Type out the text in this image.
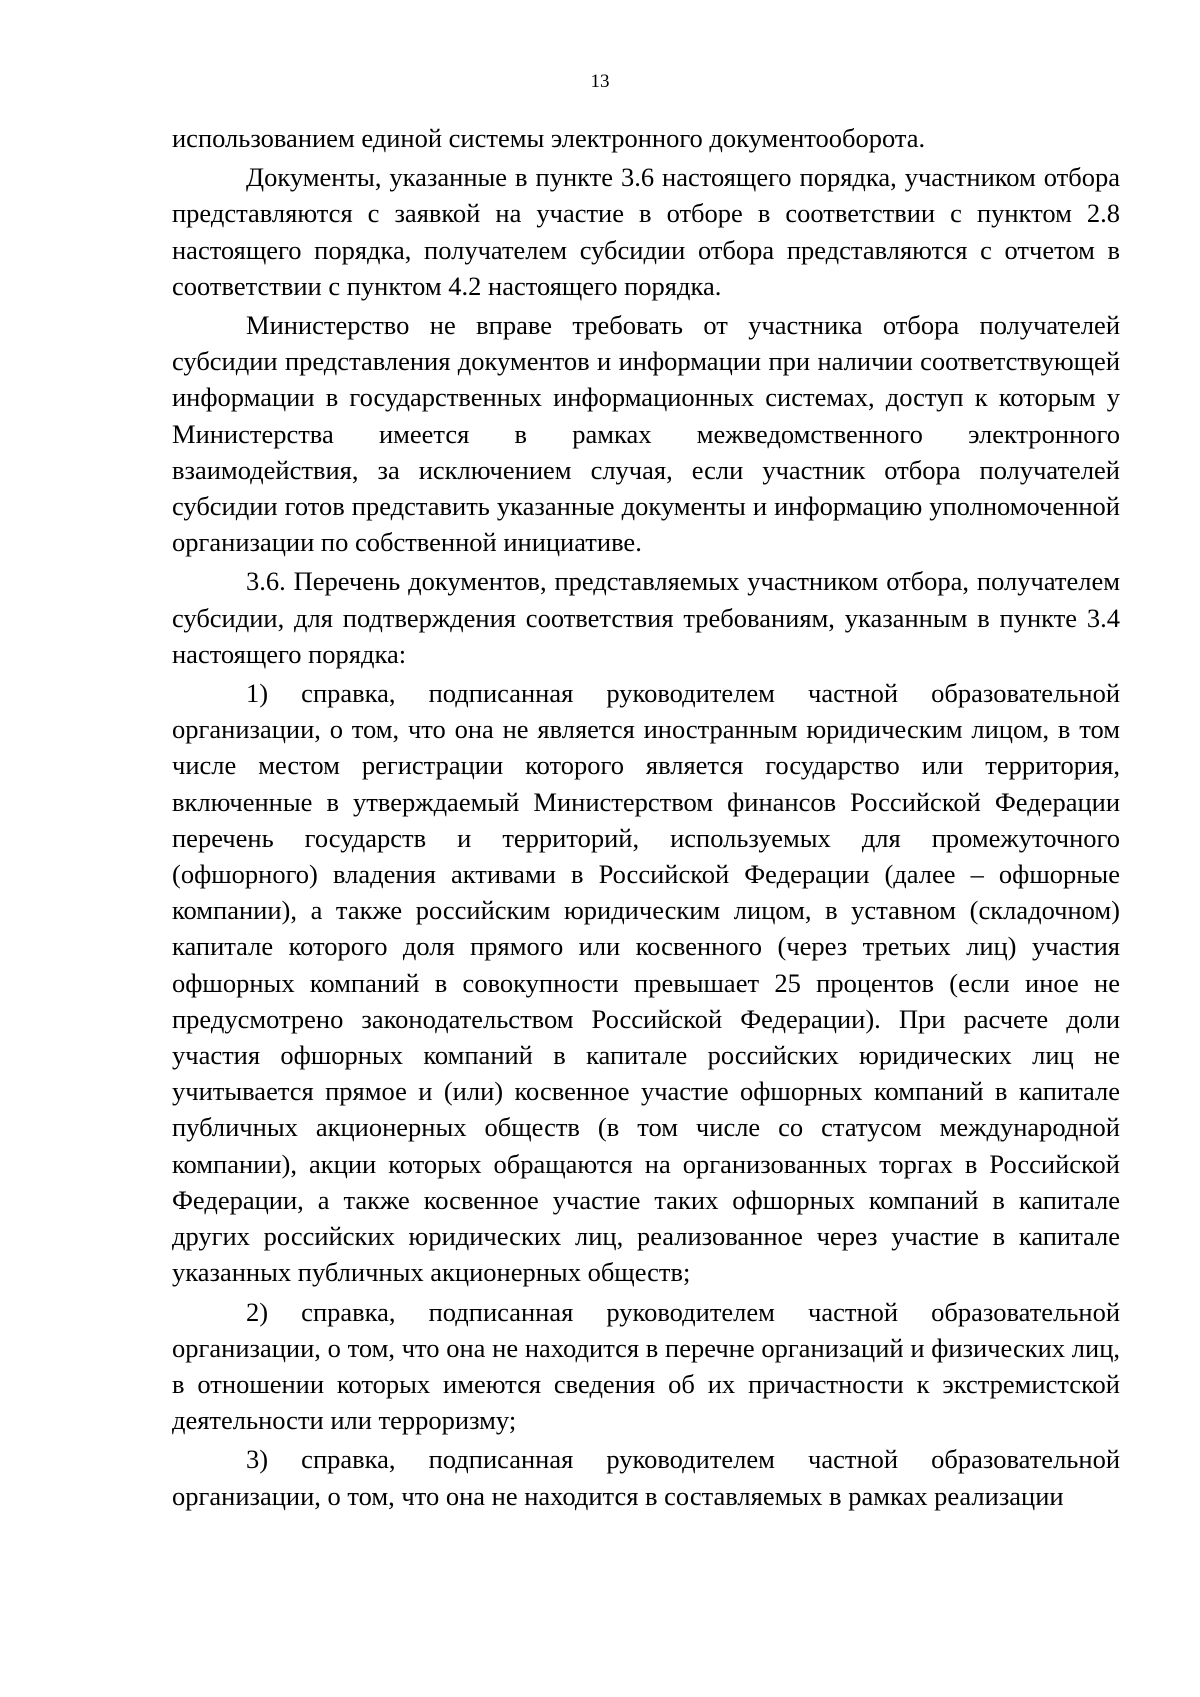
13

использованием единой системы электронного документооборота.

Документы, указанные в пункте 3.6 настоящего порядка, участником отбора представляются с заявкой на участие в отборе в соответствии с пунктом 2.8 настоящего порядка, получателем субсидии отбора представляются с отчетом в соответствии с пунктом 4.2 настоящего порядка.

Министерство не вправе требовать от участника отбора получателей субсидии представления документов и информации при наличии соответствующей информации в государственных информационных системах, доступ к которым у Министерства имеется в рамках межведомственного электронного взаимодействия, за исключением случая, если участник отбора получателей субсидии готов представить указанные документы и информацию уполномоченной организации по собственной инициативе.

3.6. Перечень документов, представляемых участником отбора, получателем субсидии, для подтверждения соответствия требованиям, указанным в пункте 3.4 настоящего порядка:

1) справка, подписанная руководителем частной образовательной организации, о том, что она не является иностранным юридическим лицом, в том числе местом регистрации которого является государство или территория, включенные в утверждаемый Министерством финансов Российской Федерации перечень государств и территорий, используемых для промежуточного (офшорного) владения активами в Российской Федерации (далее – офшорные компании), а также российским юридическим лицом, в уставном (складочном) капитале которого доля прямого или косвенного (через третьих лиц) участия офшорных компаний в совокупности превышает 25 процентов (если иное не предусмотрено законодательством Российской Федерации). При расчете доли участия офшорных компаний в капитале российских юридических лиц не учитывается прямое и (или) косвенное участие офшорных компаний в капитале публичных акционерных обществ (в том числе со статусом международной компании), акции которых обращаются на организованных торгах в Российской Федерации, а также косвенное участие таких офшорных компаний в капитале других российских юридических лиц, реализованное через участие в капитале указанных публичных акционерных обществ;

2) справка, подписанная руководителем частной образовательной организации, о том, что она не находится в перечне организаций и физических лиц, в отношении которых имеются сведения об их причастности к экстремистской деятельности или терроризму;

3) справка, подписанная руководителем частной образовательной организации, о том, что она не находится в составляемых в рамках реализации
